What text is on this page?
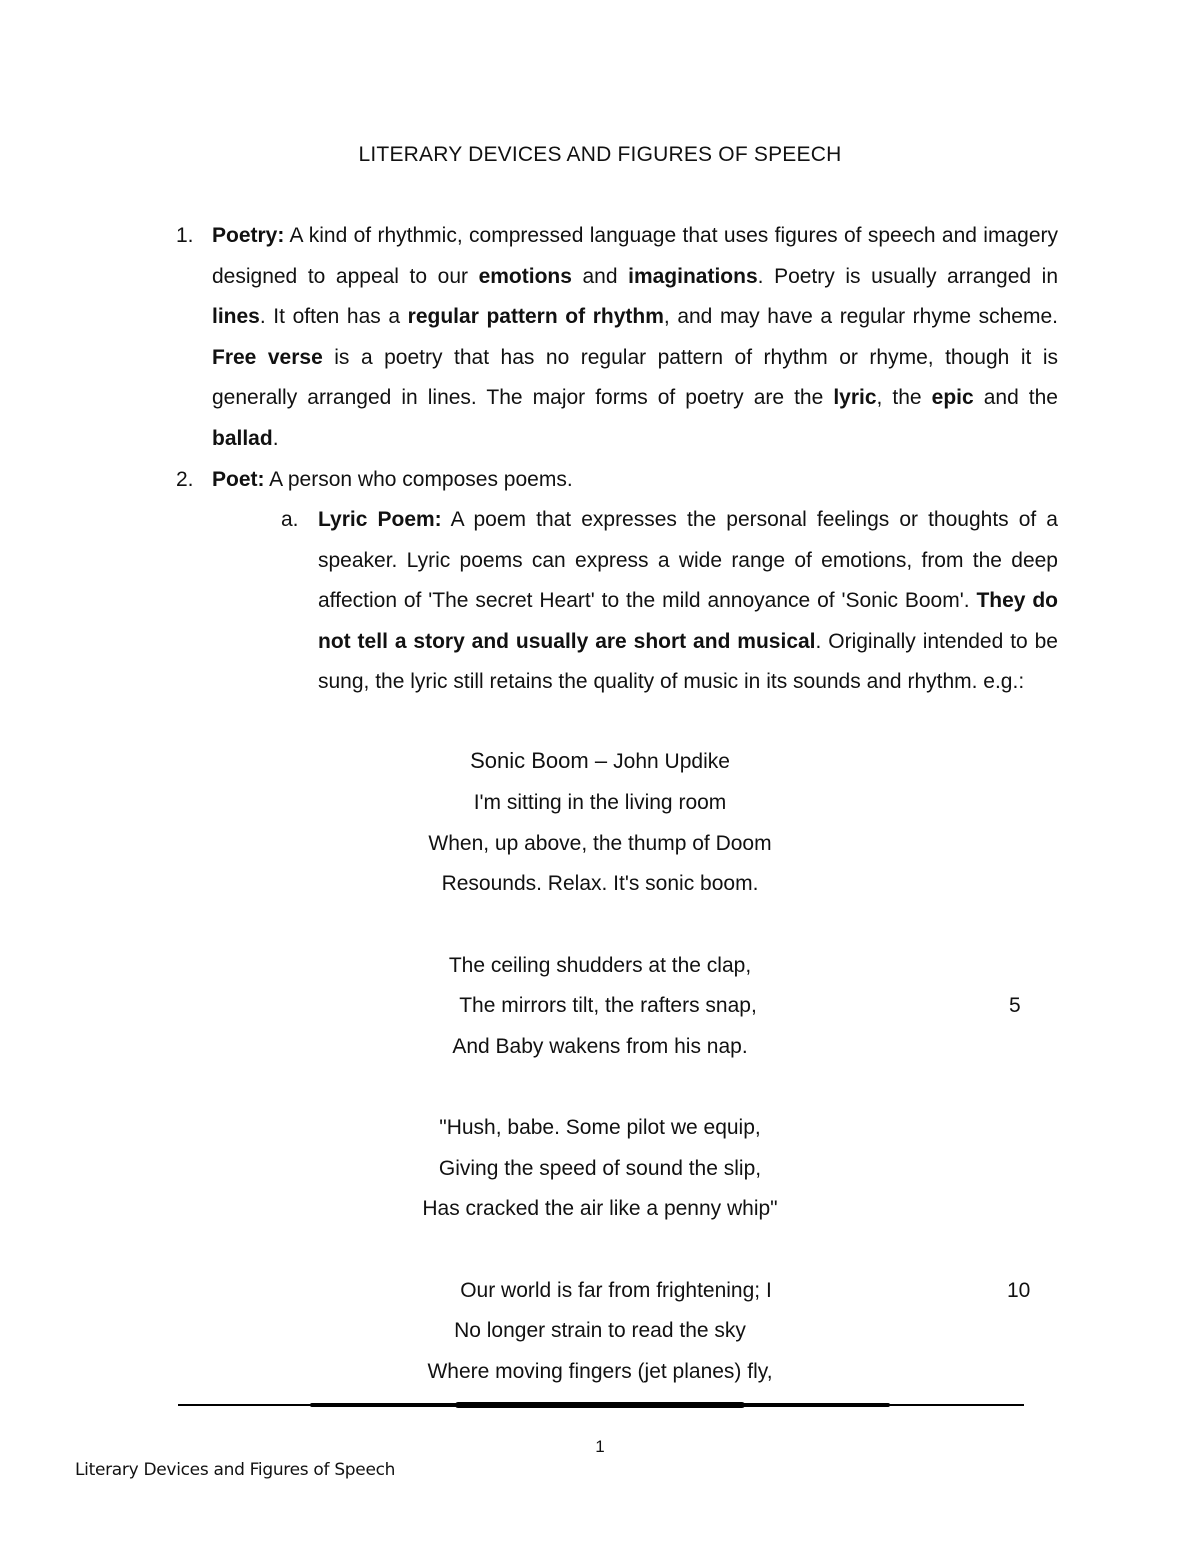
LITERARY DEVICES AND FIGURES OF SPEECH
1. Poetry: A kind of rhythmic, compressed language that uses figures of speech and imagery designed to appeal to our emotions and imaginations. Poetry is usually arranged in lines. It often has a regular pattern of rhythm, and may have a regular rhyme scheme. Free verse is a poetry that has no regular pattern of rhythm or rhyme, though it is generally arranged in lines. The major forms of poetry are the lyric, the epic and the ballad.
2. Poet: A person who composes poems.
a. Lyric Poem: A poem that expresses the personal feelings or thoughts of a speaker. Lyric poems can express a wide range of emotions, from the deep affection of 'The secret Heart' to the mild annoyance of 'Sonic Boom'. They do not tell a story and usually are short and musical. Originally intended to be sung, the lyric still retains the quality of music in its sounds and rhythm. e.g.:
Sonic Boom – John Updike
I'm sitting in the living room
When, up above, the thump of Doom
Resounds. Relax. It's sonic boom.
The ceiling shudders at the clap,
The mirrors tilt, the rafters snap,
And Baby wakens from his nap.
"Hush, babe. Some pilot we equip,
Giving the speed of sound the slip,
Has cracked the air like a penny whip"
Our world is far from frightening; I
No longer strain to read the sky
Where moving fingers (jet planes) fly,
5
10
1
Literary Devices and Figures of Speech
